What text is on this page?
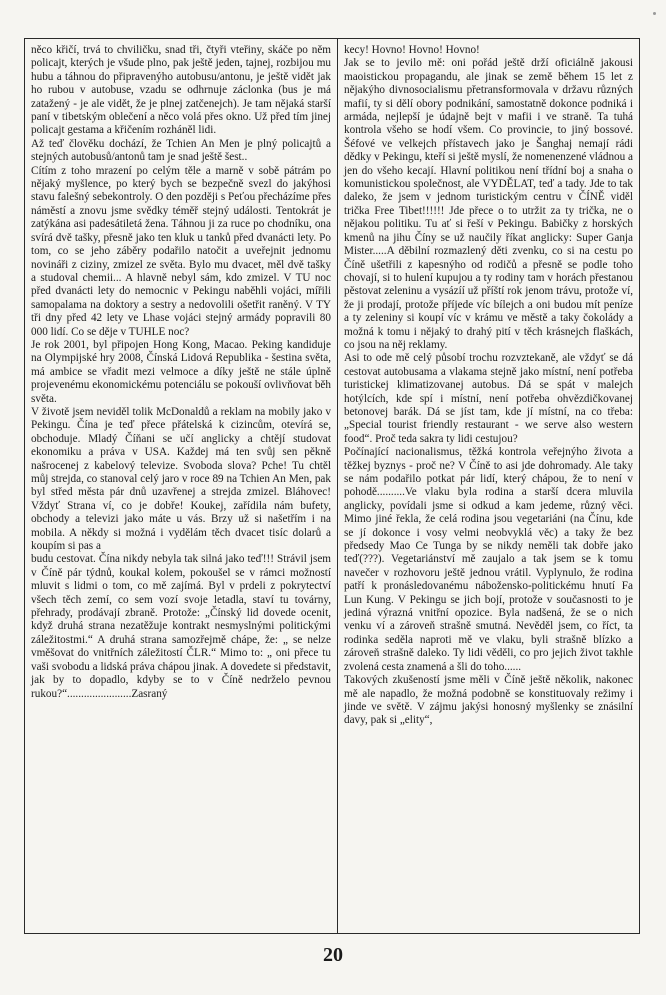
něco křičí, trvá to chviličku, snad tři, čtyři vteřiny, skáče po něm policajt, kterých je všude plno, pak ještě jeden, tajnej, rozbijou mu hubu a táhnou do připravenýho autobusu/antonu, je ještě vidět jak ho rubou v autobuse, vzadu se odhrnuje záclonka (bus je má zatažený - je ale vidět, že je plnej zatčenejch). Je tam nějaká starší paní v tibetským oblečení a něco volá přes okno. Už před tím jinej policajt gestama a křičením rozháněl lidi.

Až teď člověku dochází, že Tchien An Men je plný policajtů a stejných autobusů/antonů tam je snad ještě šest..

Cítím z toho mrazení po celým těle a marně v sobě pátrám po nějaký myšlence, po který bych se bezpečně svezl do jakýhosi stavu falešný sebekontroly. O den později s Peťou přecházíme přes náměstí a znovu jsme svědky téměř stejný události. Tentokrát je zatýkána asi padesátiletá žena. Táhnou ji za ruce po chodníku, ona svírá dvě tašky, přesně jako ten kluk u tanků před dvanácti lety. Po tom, co se jeho záběry podařilo natočit a uveřejnit jednomu novináři z ciziny, zmizel ze světa. Bylo mu dvacet, měl dvě tašky a studoval chemii... A hlavně nebyl sám, kdo zmizel. V TU noc před dvanácti lety do nemocnic v Pekingu naběhli vojáci, mířili samopalama na doktory a sestry a nedovolili ošetřit raněný. V TY tři dny před 42 lety ve Lhase vojáci stejný armády popravili 80 000 lidí. Co se děje v TUHLE noc?

Je rok 2001, byl připojen Hong Kong, Macao. Peking kandiduje na Olympijské hry 2008, Čínská Lidová Republika - šestina světa, má ambice se vřadit mezi velmoce a díky ještě ne stále úplně projevenému ekonomickému potenciálu se pokouší ovlivňovat běh světa.

V životě jsem neviděl tolik McDonaldů a reklam na mobily jako v Pekingu. Čína je teď přece přátelská k cizincům, otevírá se, obchoduje. Mladý Číňani se učí anglicky a chtějí studovat ekonomiku a práva v USA. Každej má ten svůj sen pěkně našrocenej z kabelový televize. Svoboda slova? Pche! Tu chtěl můj strejda, co stanoval celý jaro v roce 89 na Tchien An Men, pak byl střed města pár dnů uzavřenej a strejda zmizel. Bláhovec! Vždyť Strana ví, co je dobře! Koukej, zařídila nám bufety, obchody a televizi jako máte u vás. Brzy už si našetřím i na mobila. A někdy si možná i vydělám těch dvacet tisíc dolarů a koupím si pas a

budu cestovat. Čína nikdy nebyla tak silná jako teď!!! Strávil jsem v Číně pár týdnů, koukal kolem, pokoušel se v rámci možností mluvit s lidmi o tom, co mě zajímá. Byl v prdeli z pokrytectví všech těch zemí, co sem vozí svoje letadla, staví tu továrny, přehrady, prodávají zbraně. Protože: „Čínský lid dovede ocenit, když druhá strana nezatěžuje kontrakt nesmyslnými politickými záležitostmi.“ A druhá strana samozřejmě chápe, že: „ se nelze vměšovat do vnitřních záležitostí ČLR.“ Mimo to: „ oni přece tu vaši svobodu a lidská práva chápou jinak. A dovedete si představit, jak by to dopadlo, kdyby se to v Číně nedrželo pevnou rukou?“.......................Zasraný

kecy! Hovno! Hovno! Hovno!

Jak se to jevilo mě: oni pořád ještě drží oficiálně jakousi maoistickou propagandu, ale jinak se země během 15 let z nějakýho divnosocialismu přetransformovala v državu různých mafií, ty si dělí obory podnikání, samostatně dokonce podniká i armáda, nejlepší je údajně bejt v mafii i ve straně. Ta tuhá kontrola všeho se hodí všem. Co provincie, to jiný bossové. Šéfové ve velkejch přístavech jako je Šanghaj nemají rádi dědky v Pekingu, kteří si ještě myslí, že nomenenzené vládnou a jen do všeho kecají. Hlavní politikou není třídní boj a snaha o komunistickou společnost, ale VYDĚLAT, teď a tady. Jde to tak daleko, že jsem v jednom turistickým centru v ČÍNĚ viděl trička Free Tibet!!!!!! Jde přece o to utržit za ty trička, ne o nějakou politiku. Tu ať si řeší v Pekingu. Babičky z horských kmenů na jihu Číny se už naučily říkat anglicky: Super Ganja Mister.....A děbilní rozmazlený děti zvenku, co si na cestu po Číně ušetřili z kapesnýho od rodičů a přesně se podle toho chovají, si to hulení kupujou a ty rodiny tam v horách přestanou pěstovat zeleninu a vysázíí už příští rok jenom trávu, protože ví, že ji prodají, protože příjede víc bílejch a oni budou mít peníze a ty zeleniny si koupí víc v krámu ve městě a taky čokolády a možná k tomu i nějaký to drahý pití v těch krásnejch flaškách, co jsou na něj reklamy.

Asi to ode mě celý působí trochu rozvztekaně, ale vždyť se dá cestovat autobusama a vlakama stejně jako místní, není potřeba turistickej klimatizovanej autobus. Dá se spát v malejch hotýlcích, kde spí i místní, není potřeba ohvězdičkovanej betonovej barák. Dá se jíst tam, kde jí místní, na co třeba: „Special tourist friendly restaurant - we serve also western food“. Proč teda sakra ty lidi cestujou?

Počínající nacionalismus, těžká kontrola veřejnýho života a těžkej byznys - proč ne? V Číně to asi jde dohromady. Ale taky se nám podařilo potkat pár lidí, který chápou, že to není v pohodě..........Ve vlaku byla rodina a starší dcera mluvila anglicky, povídali jsme si odkud a kam jedeme, různý věci. Mimo jiné řekla, že celá rodina jsou vegetariáni (na Čínu, kde se jí dokonce i vosy velmi neobvyklá věc) a taky že bez předsedy Mao Ce Tunga by se nikdy neměli tak dobře jako teď(???). Vegetariánství mě zaujalo a tak jsem se k tomu navečer v rozhovoru ještě jednou vrátil. Vyplynulo, že rodina patří k pronásledovanému nábožensko-politickému hnutí Fa Lun Kung. V Pekingu se jich bojí, protože v současnosti to je jediná výrazná vnitřní opozice. Byla nadšená, že se o nich venku ví a zároveň strašně smutná. Nevěděl jsem, co říct, ta rodinka seděla naproti mě ve vlaku, byli strašně blízko a zároveň strašně daleko. Ty lidi věděli, co pro jejich život takhle zvolená cesta znamená a šli do toho......

Takových zkušeností jsme měli v Číně ještě několik, nakonec mě ale napadlo, že možná podobně se konstituovaly režimy i jinde ve světě. V zájmu jakýsi honosný myšlenky se znásilní davy, pak si „elity“,

20
